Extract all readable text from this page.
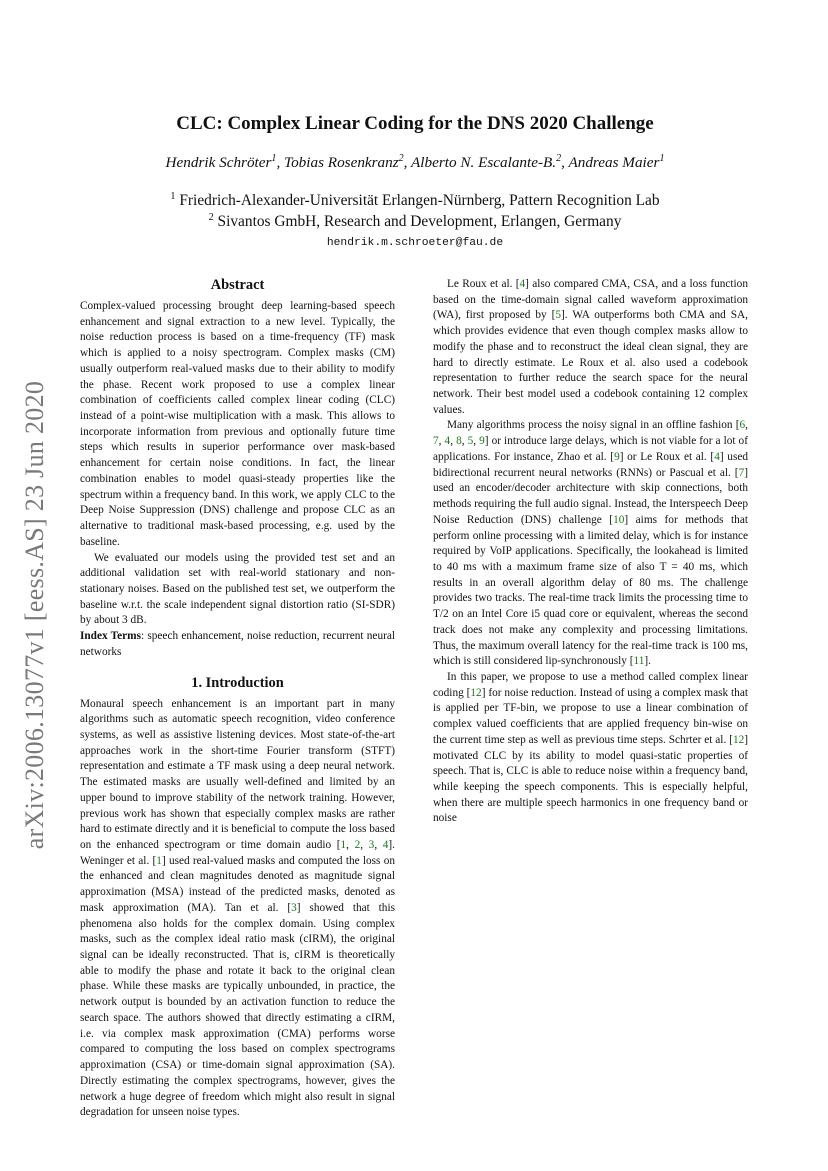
arXiv:2006.13077v1 [eess.AS] 23 Jun 2020
CLC: Complex Linear Coding for the DNS 2020 Challenge
Hendrik Schröter$^1$, Tobias Rosenkranz$^2$, Alberto N. Escalante-B.$^2$, Andreas Maier$^1$
$^1$ Friedrich-Alexander-Universität Erlangen-Nürnberg, Pattern Recognition Lab
$^2$ Sivantos GmbH, Research and Development, Erlangen, Germany
hendrik.m.schroeter@fau.de
Abstract

Complex-valued processing brought deep learning-based speech enhancement and signal extraction to a new level. Typically, the noise reduction process is based on a time-frequency (TF) mask which is applied to a noisy spectrogram. Complex masks (CM) usually outperform real-valued masks due to their ability to modify the phase. Recent work proposed to use a complex linear combination of coefficients called complex linear coding (CLC) instead of a point-wise multiplication with a mask. This allows to incorporate information from previous and optionally future time steps which results in superior performance over mask-based enhancement for certain noise conditions. In fact, the linear combination enables to model quasi-steady properties like the spectrum within a frequency band. In this work, we apply CLC to the Deep Noise Suppression (DNS) challenge and propose CLC as an alternative to traditional mask-based processing, e.g. used by the baseline.

We evaluated our models using the provided test set and an additional validation set with real-world stationary and non-stationary noises. Based on the published test set, we outperform the baseline w.r.t. the scale independent signal distortion ratio (SI-SDR) by about 3 dB.

Index Terms: speech enhancement, noise reduction, recurrent neural networks

1. Introduction

Monaural speech enhancement is an important part in many algorithms such as automatic speech recognition, video conference systems, as well as assistive listening devices. Most state-of-the-art approaches work in the short-time Fourier transform (STFT) representation and estimate a TF mask using a deep neural network. The estimated masks are usually well-defined and limited by an upper bound to improve stability of the network training. However, previous work has shown that especially complex masks are rather hard to estimate directly and it is beneficial to compute the loss based on the enhanced spectrogram or time domain audio [1, 2, 3, 4]. Weninger et al. [1] used real-valued masks and computed the loss on the enhanced and clean magnitudes denoted as magnitude signal approximation (MSA) instead of the predicted masks, denoted as mask approximation (MA). Tan et al. [3] showed that this phenomena also holds for the complex domain. Using complex masks, such as the complex ideal ratio mask (cIRM), the original signal can be ideally reconstructed. That is, cIRM is theoretically able to modify the phase and rotate it back to the original clean phase. While these masks are typically unbounded, in practice, the network output is bounded by an activation function to reduce the search space. The authors showed that directly estimating a cIRM, i.e. via complex mask approximation (CMA) performs worse compared to computing the loss based on complex spectrograms approximation (CSA) or time-domain signal approximation (SA). Directly estimating the complex spectrograms, however, gives the network a huge degree of freedom which might also result in signal degradation for unseen noise types.

Le Roux et al. [4] also compared CMA, CSA, and a loss function based on the time-domain signal called waveform approximation (WA), first proposed by [5]. WA outperforms both CMA and SA, which provides evidence that even though complex masks allow to modify the phase and to reconstruct the ideal clean signal, they are hard to directly estimate. Le Roux et al. also used a codebook representation to further reduce the search space for the neural network. Their best model used a codebook containing 12 complex values.

Many algorithms process the noisy signal in an offline fashion [6, 7, 4, 8, 5, 9] or introduce large delays, which is not viable for a lot of applications. For instance, Zhao et al. [9] or Le Roux et al. [4] used bidirectional recurrent neural networks (RNNs) or Pascual et al. [7] used an encoder/decoder architecture with skip connections, both methods requiring the full audio signal. Instead, the Interspeech Deep Noise Reduction (DNS) challenge [10] aims for methods that perform online processing with a limited delay, which is for instance required by VoIP applications. Specifically, the lookahead is limited to 40 ms with a maximum frame size of also T = 40 ms, which results in an overall algorithm delay of 80 ms. The challenge provides two tracks. The real-time track limits the processing time to T/2 on an Intel Core i5 quad core or equivalent, whereas the second track does not make any complexity and processing limitations. Thus, the maximum overall latency for the real-time track is 100 ms, which is still considered lip-synchronously [11].

In this paper, we propose to use a method called complex linear coding [12] for noise reduction. Instead of using a complex mask that is applied per TF-bin, we propose to use a linear combination of complex valued coefficients that are applied frequency bin-wise on the current time step as well as previous time steps. Schrter et al. [12] motivated CLC by its ability to model quasi-static properties of speech. That is, CLC is able to reduce noise within a frequency band, while keeping the speech components. This is especially helpful, when there are multiple speech harmonics in one frequency band or noise
